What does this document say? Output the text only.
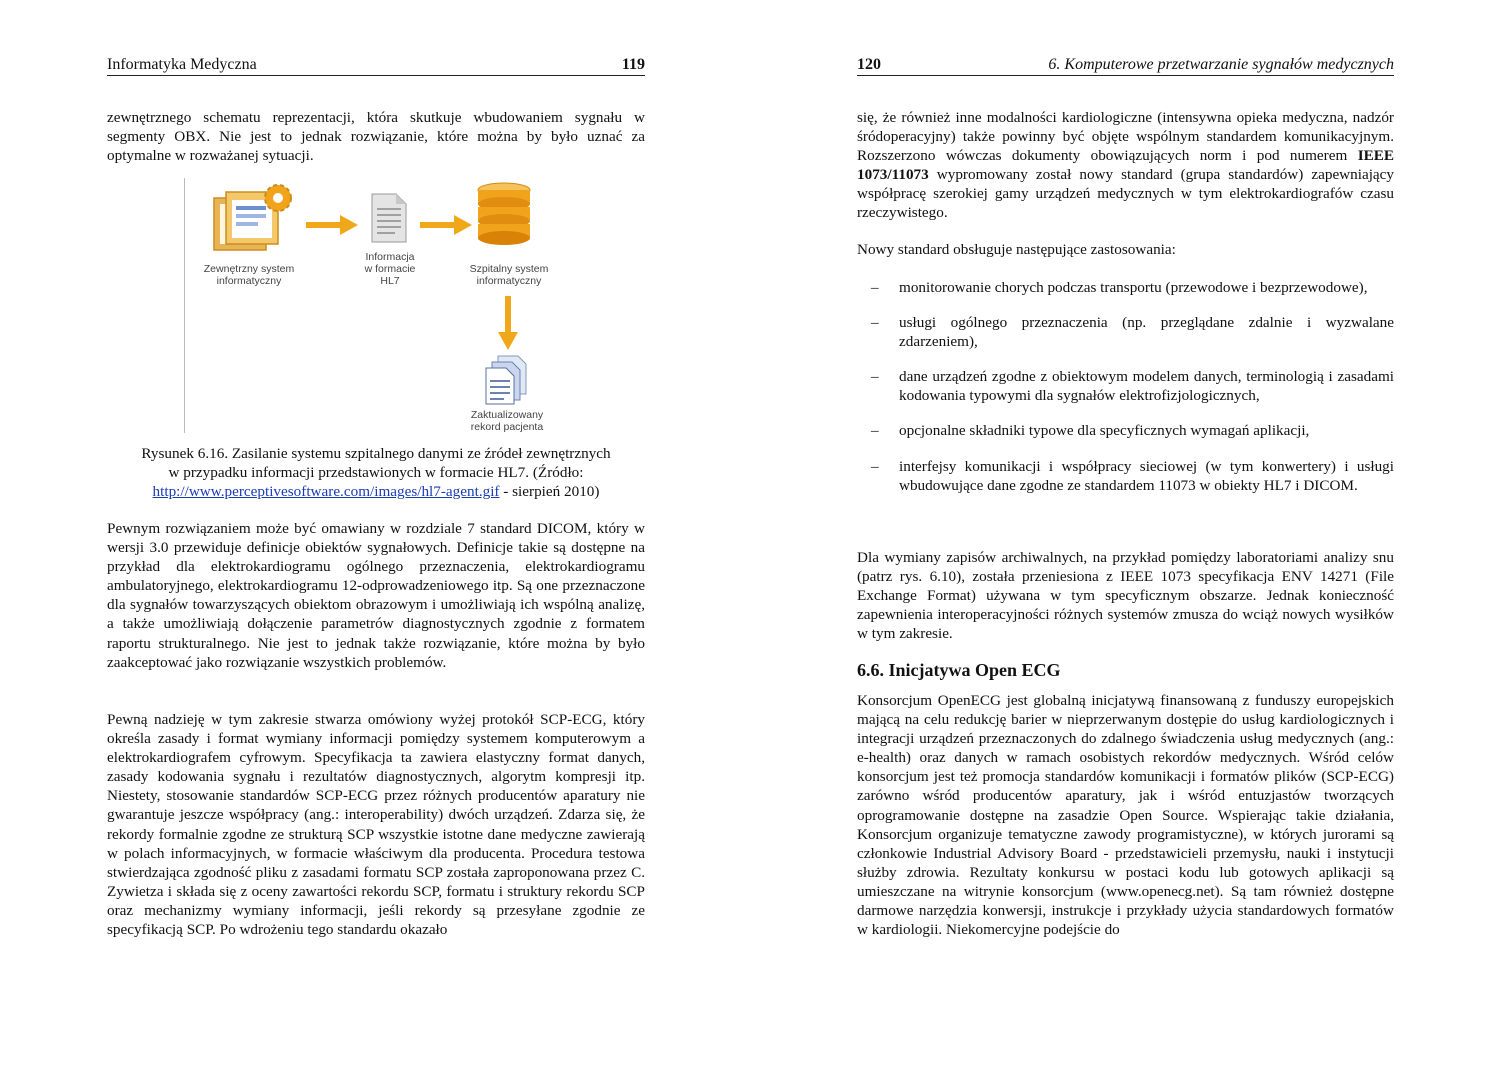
Informatyka Medyczna	119

zewnętrznego schematu reprezentacji, która skutkuje wbudowaniem sygnału w segmenty OBX. Nie jest to jednak rozwiązanie, które można by było uznać za optymalne w rozważanej sytuacji.

Zewnętrzny system
informatyczny
Informacja
w formacie
HL7
Szpitalny system
informatyczny
Zaktualizowany
rekord pacjenta
Rysunek 6.16. Zasilanie systemu szpitalnego danymi ze źródeł zewnętrznych
w przypadku informacji przedstawionych w formacie HL7. (Źródło:
http://www.perceptivesoftware.com/images/hl7-agent.gif - sierpień 2010)

Pewnym rozwiązaniem może być omawiany w rozdziale 7 standard DICOM, który w wersji 3.0 przewiduje definicje obiektów sygnałowych. Definicje takie są dostępne na przykład dla elektrokardiogramu ogólnego przeznaczenia, elektrokardiogramu ambulatoryjnego, elektrokardiogramu 12-odprowadzeniowego itp. Są one przeznaczone dla sygnałów towarzyszących obiektom obrazowym i umożliwiają ich wspólną analizę, a także umożliwiają dołączenie parametrów diagnostycznych zgodnie z formatem raportu strukturalnego. Nie jest to jednak także rozwiązanie, które można by było zaakceptować jako rozwiązanie wszystkich problemów.

Pewną nadzieję w tym zakresie stwarza omówiony wyżej protokół SCP-ECG, który określa zasady i format wymiany informacji pomiędzy systemem komputerowym a elektrokardiografem cyfrowym. Specyfikacja ta zawiera elastyczny format danych, zasady kodowania sygnału i rezultatów diagnostycznych, algorytm kompresji itp. Niestety, stosowanie standardów SCP-ECG przez różnych producentów aparatury nie gwarantuje jeszcze współpracy (ang.: interoperability) dwóch urządzeń. Zdarza się, że rekordy formalnie zgodne ze strukturą SCP wszystkie istotne dane medyczne zawierają w polach informacyjnych, w formacie właściwym dla producenta. Procedura testowa stwierdzająca zgodność pliku z zasadami formatu SCP została zaproponowana przez C. Zywietza i składa się z oceny zawartości rekordu SCP, formatu i struktury rekordu SCP oraz mechanizmy wymiany informacji, jeśli rekordy są przesyłane zgodnie ze specyfikacją SCP. Po wdrożeniu tego standardu okazało

120	6. Komputerowe przetwarzanie sygnałów medycznych

się, że również inne modalności kardiologiczne (intensywna opieka medyczna, nadzór śródoperacyjny) także powinny być objęte wspólnym standardem komunikacyjnym. Rozszerzono wówczas dokumenty obowiązujących norm i pod numerem IEEE 1073/11073 wypromowany został nowy standard (grupa standardów) zapewniający współpracę szerokiej gamy urządzeń medycznych w tym elektrokardiografów czasu rzeczywistego.

Nowy standard obsługuje następujące zastosowania:

– monitorowanie chorych podczas transportu (przewodowe i bezprzewodowe),
– usługi ogólnego przeznaczenia (np. przeglądane zdalnie i wyzwalane zdarzeniem),
– dane urządzeń zgodne z obiektowym modelem danych, terminologią i zasadami kodowania typowymi dla sygnałów elektrofizjologicznych,
– opcjonalne składniki typowe dla specyficznych wymagań aplikacji,
– interfejsy komunikacji i współpracy sieciowej (w tym konwertery) i usługi wbudowujące dane zgodne ze standardem 11073 w obiekty HL7 i DICOM.

Dla wymiany zapisów archiwalnych, na przykład pomiędzy laboratoriami analizy snu (patrz rys. 6.10), została przeniesiona z IEEE 1073 specyfikacja ENV 14271 (File Exchange Format) używana w tym specyficznym obszarze. Jednak konieczność zapewnienia interoperacyjności różnych systemów zmusza do wciąż nowych wysiłków w tym zakresie.

6.6. Inicjatywa Open ECG

Konsorcjum OpenECG jest globalną inicjatywą finansowaną z funduszy europejskich mającą na celu redukcję barier w nieprzerwanym dostępie do usług kardiologicznych i integracji urządzeń przeznaczonych do zdalnego świadczenia usług medycznych (ang.: e-health) oraz danych w ramach osobistych rekordów medycznych. Wśród celów konsorcjum jest też promocja standardów komunikacji i formatów plików (SCP-ECG) zarówno wśród producentów aparatury, jak i wśród entuzjastów tworzących oprogramowanie dostępne na zasadzie Open Source. Wspierając takie działania, Konsorcjum organizuje tematyczne zawody programistyczne), w których jurorami są członkowie Industrial Advisory Board - przedstawicieli przemysłu, nauki i instytucji służby zdrowia. Rezultaty konkursu w postaci kodu lub gotowych aplikacji są umieszczane na witrynie konsorcjum (www.openecg.net). Są tam również dostępne darmowe narzędzia konwersji, instrukcje i przykłady użycia standardowych formatów w kardiologii. Niekomercyjne podejście do
